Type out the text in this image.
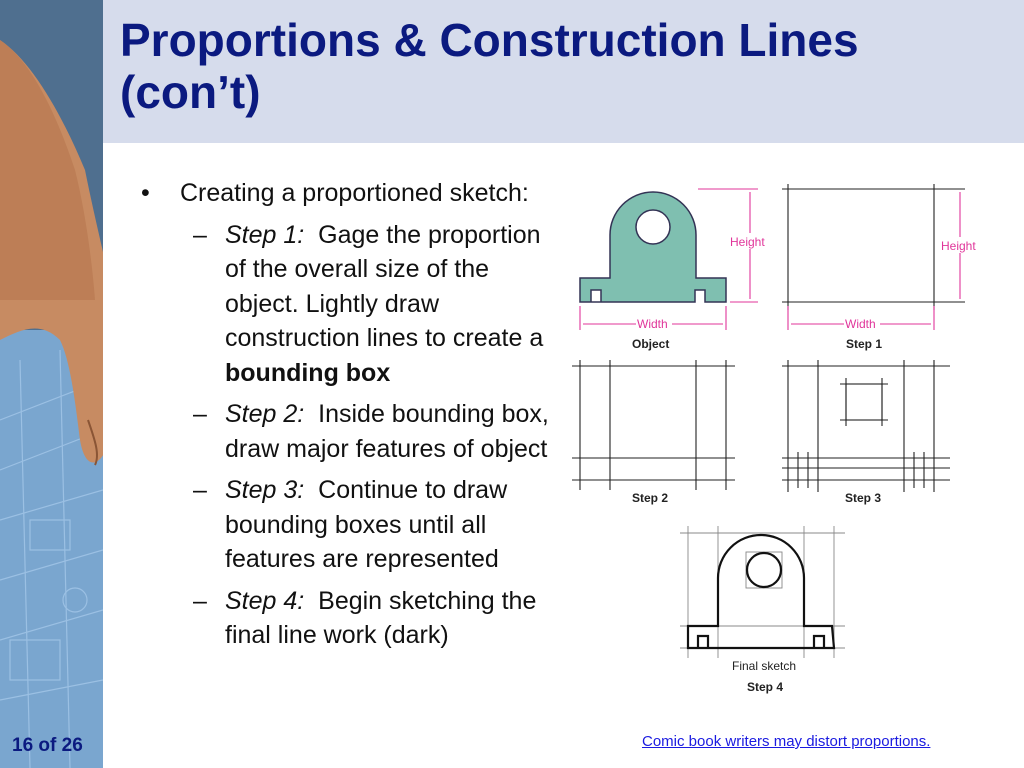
Proportions & Construction Lines (con’t)
•	Creating a proportioned sketch:
– Step 1: Gage the proportion of the overall size of the object. Lightly draw construction lines to create a bounding box
– Step 2: Inside bounding box, draw major features of object
– Step 3: Continue to draw bounding boxes until all features are represented
– Step 4: Begin sketching the final line work (dark)
Height
Width
Object
Height
Width
Step 1
Step 2	Step 3
Final sketch
Step 4
16 of 26	Comic book writers may distort proportions.
